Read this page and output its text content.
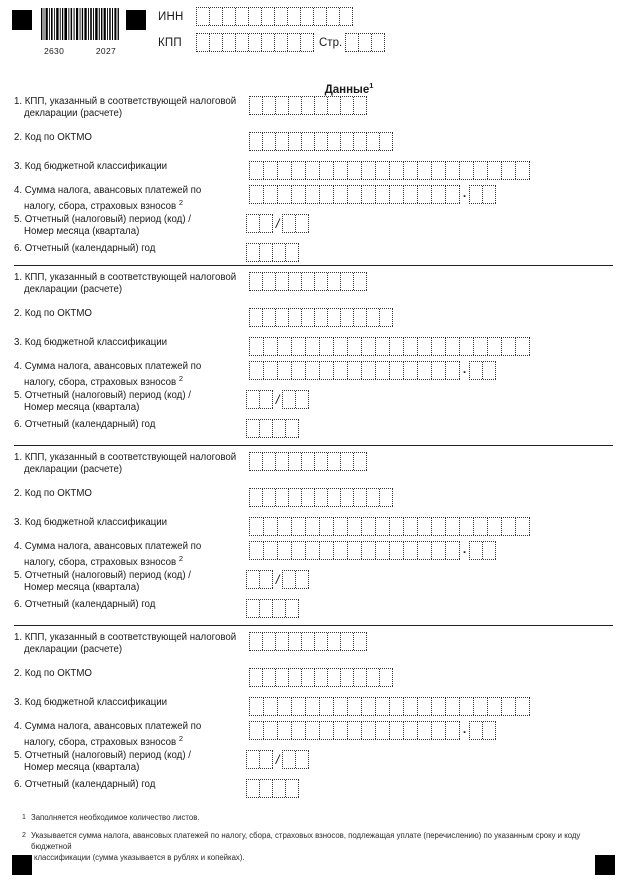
2630	2027
ИНН
КПП	Стр.
Данные$^1$
1. КПП, указанный в соответствующей налоговой
декларации (расчете)
2. Код по ОКТМО
3. Код бюджетной классификации
4. Сумма налога, авансовых платежей по
налогу, сбора, страховых взносов $^2$
.
5. Отчетный (налоговый) период (код) /
Номер месяца (квартала)
/
6. Отчетный (календарный) год
1. КПП, указанный в соответствующей налоговой
декларации (расчете)
2. Код по ОКТМО
3. Код бюджетной классификации
4. Сумма налога, авансовых платежей по
налогу, сбора, страховых взносов $^2$
.
5. Отчетный (налоговый) период (код) /
Номер месяца (квартала)
/
6. Отчетный (календарный) год
1. КПП, указанный в соответствующей налоговой
декларации (расчете)
2. Код по ОКТМО
3. Код бюджетной классификации
4. Сумма налога, авансовых платежей по
налогу, сбора, страховых взносов $^2$
.
5. Отчетный (налоговый) период (код) /
Номер месяца (квартала)
/
6. Отчетный (календарный) год
1. КПП, указанный в соответствующей налоговой
декларации (расчете)
2. Код по ОКТМО
3. Код бюджетной классификации
4. Сумма налога, авансовых платежей по
налогу, сбора, страховых взносов $^2$
.
5. Отчетный (налоговый) период (код) /
Номер месяца (квартала)
/
6. Отчетный (календарный) год
1 Заполняется необходимое количество листов.
2 Указывается сумма налога, авансовых платежей по налогу, сбора, страховых взносов, подлежащая уплате (перечислению) по указанным сроку и коду бюджетной
классификации (сумма указывается в рублях и копейках).
